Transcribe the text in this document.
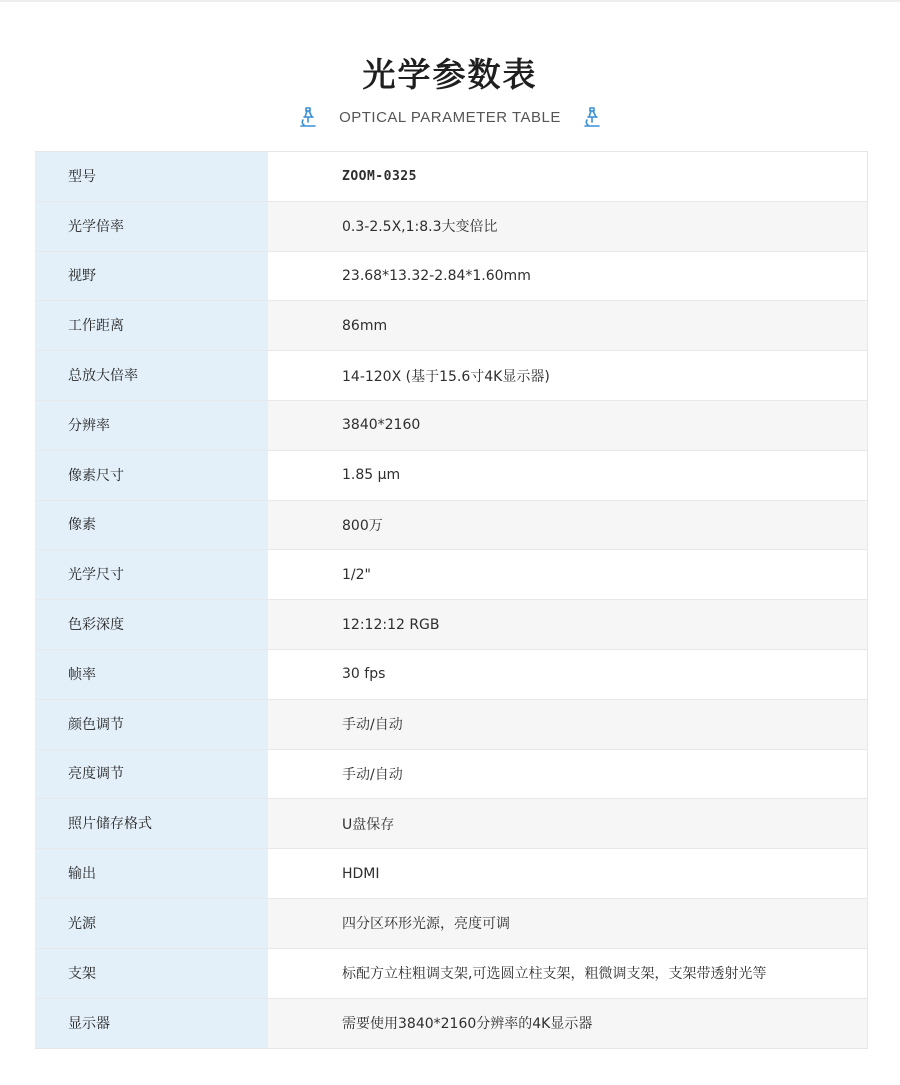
光学参数表
OPTICAL PARAMETER TABLE
型号	ZOOM-0325
光学倍率	0.3-2.5X,1:8.3大变倍比
视野	23.68*13.32-2.84*1.60mm
工作距离	86mm
总放大倍率	14-120X (基于15.6寸4K显示器)
分辨率	3840*2160
像素尺寸	1.85 µm
像素	800万
光学尺寸	1/2"
色彩深度	12:12:12 RGB
帧率	30 fps
颜色调节	手动/自动
亮度调节	手动/自动
照片储存格式	U盘保存
输出	HDMI
光源	四分区环形光源，亮度可调
支架	标配方立柱粗调支架,可选圆立柱支架，粗微调支架，支架带透射光等
显示器	需要使用3840*2160分辨率的4K显示器
